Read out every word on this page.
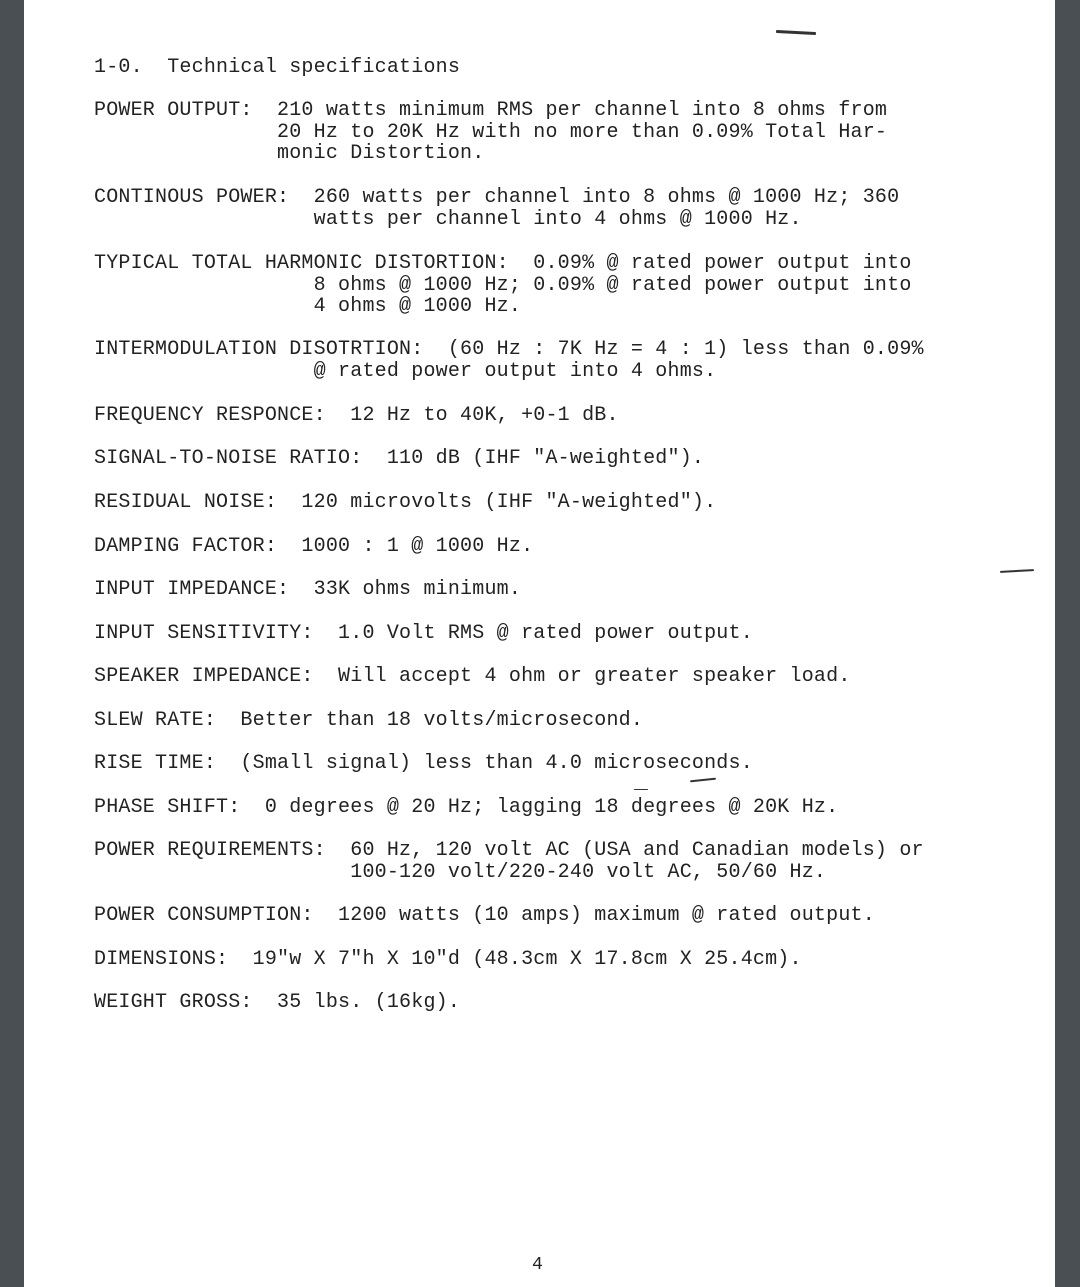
1-0.  Technical specifications
POWER OUTPUT:  210 watts minimum RMS per channel into 8 ohms from
20 Hz to 20K Hz with no more than 0.09% Total Har-
monic Distortion.
CONTINOUS POWER:  260 watts per channel into 8 ohms @ 1000 Hz; 360
watts per channel into 4 ohms @ 1000 Hz.
TYPICAL TOTAL HARMONIC DISTORTION:  0.09% @ rated power output into
8 ohms @ 1000 Hz; 0.09% @ rated power output into
4 ohms @ 1000 Hz.
INTERMODULATION DISOTRTION:  (60 Hz : 7K Hz = 4 : 1) less than 0.09%
@ rated power output into 4 ohms.
FREQUENCY RESPONCE:  12 Hz to 40K, +0-1 dB.
SIGNAL-TO-NOISE RATIO:  110 dB (IHF "A-weighted").
RESIDUAL NOISE:  120 microvolts (IHF "A-weighted").
DAMPING FACTOR:  1000 : 1 @ 1000 Hz.
INPUT IMPEDANCE:  33K ohms minimum.
INPUT SENSITIVITY:  1.0 Volt RMS @ rated power output.
SPEAKER IMPEDANCE:  Will accept 4 ohm or greater speaker load.
SLEW RATE:  Better than 18 volts/microsecond.
RISE TIME:  (Small signal) less than 4.0 microseconds.
PHASE SHIFT:  0 degrees @ 20 Hz; lagging 18 degrees @ 20K Hz.
POWER REQUIREMENTS:  60 Hz, 120 volt AC (USA and Canadian models) or
100-120 volt/220-240 volt AC, 50/60 Hz.
POWER CONSUMPTION:  1200 watts (10 amps) maximum @ rated output.
DIMENSIONS:  19"w X 7"h X 10"d (48.3cm X 17.8cm X 25.4cm).
WEIGHT GROSS:  35 lbs. (16kg).
4
